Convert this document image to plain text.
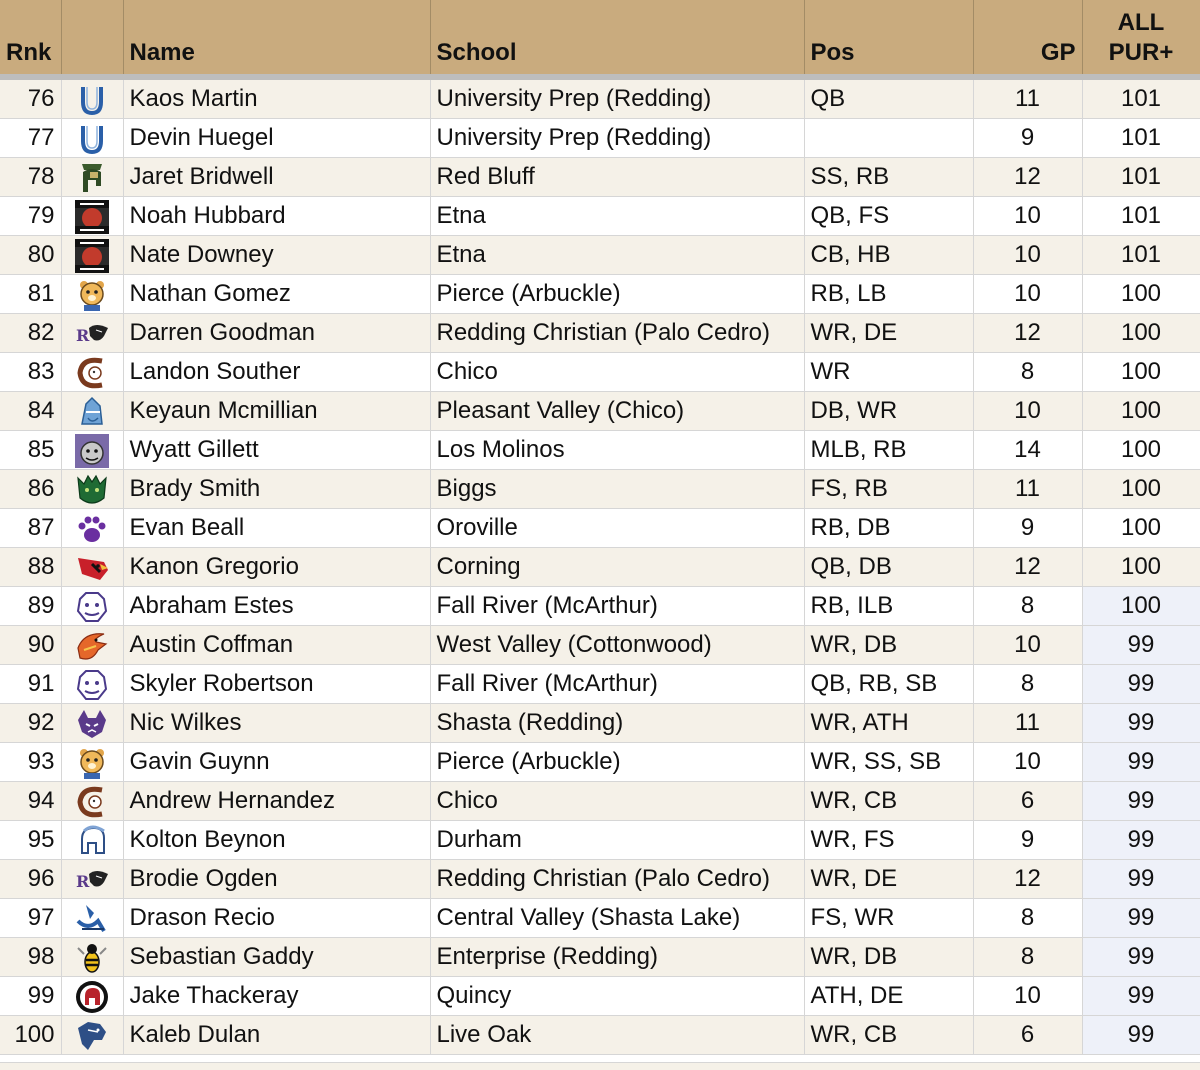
Rnk		Name	School	Pos	GP	ALL
PUR+
76		Kaos Martin	University Prep (Redding)	QB	11	101
77		Devin Huegel	University Prep (Redding)		9	101
78		Jaret Bridwell	Red Bluff	SS, RB	12	101
79		Noah Hubbard	Etna	QB, FS	10	101
80		Nate Downey	Etna	CB, HB	10	101
81		Nathan Gomez	Pierce (Arbuckle)	RB, LB	10	100
82	R	Darren Goodman	Redding Christian (Palo Cedro)	WR, DE	12	100
83		Landon Souther	Chico	WR	8	100
84		Keyaun Mcmillian	Pleasant Valley (Chico)	DB, WR	10	100
85		Wyatt Gillett	Los Molinos	MLB, RB	14	100
86		Brady Smith	Biggs	FS, RB	11	100
87		Evan Beall	Oroville	RB, DB	9	100
88		Kanon Gregorio	Corning	QB, DB	12	100
89		Abraham Estes	Fall River (McArthur)	RB, ILB	8	100
90		Austin Coffman	West Valley (Cottonwood)	WR, DB	10	99
91		Skyler Robertson	Fall River (McArthur)	QB, RB, SB	8	99
92		Nic Wilkes	Shasta (Redding)	WR, ATH	11	99
93		Gavin Guynn	Pierce (Arbuckle)	WR, SS, SB	10	99
94		Andrew Hernandez	Chico	WR, CB	6	99
95		Kolton Beynon	Durham	WR, FS	9	99
96	R	Brodie Ogden	Redding Christian (Palo Cedro)	WR, DE	12	99
97		Drason Recio	Central Valley (Shasta Lake)	FS, WR	8	99
98		Sebastian Gaddy	Enterprise (Redding)	WR, DB	8	99
99		Jake Thackeray	Quincy	ATH, DE	10	99
100		Kaleb Dulan	Live Oak	WR, CB	6	99
